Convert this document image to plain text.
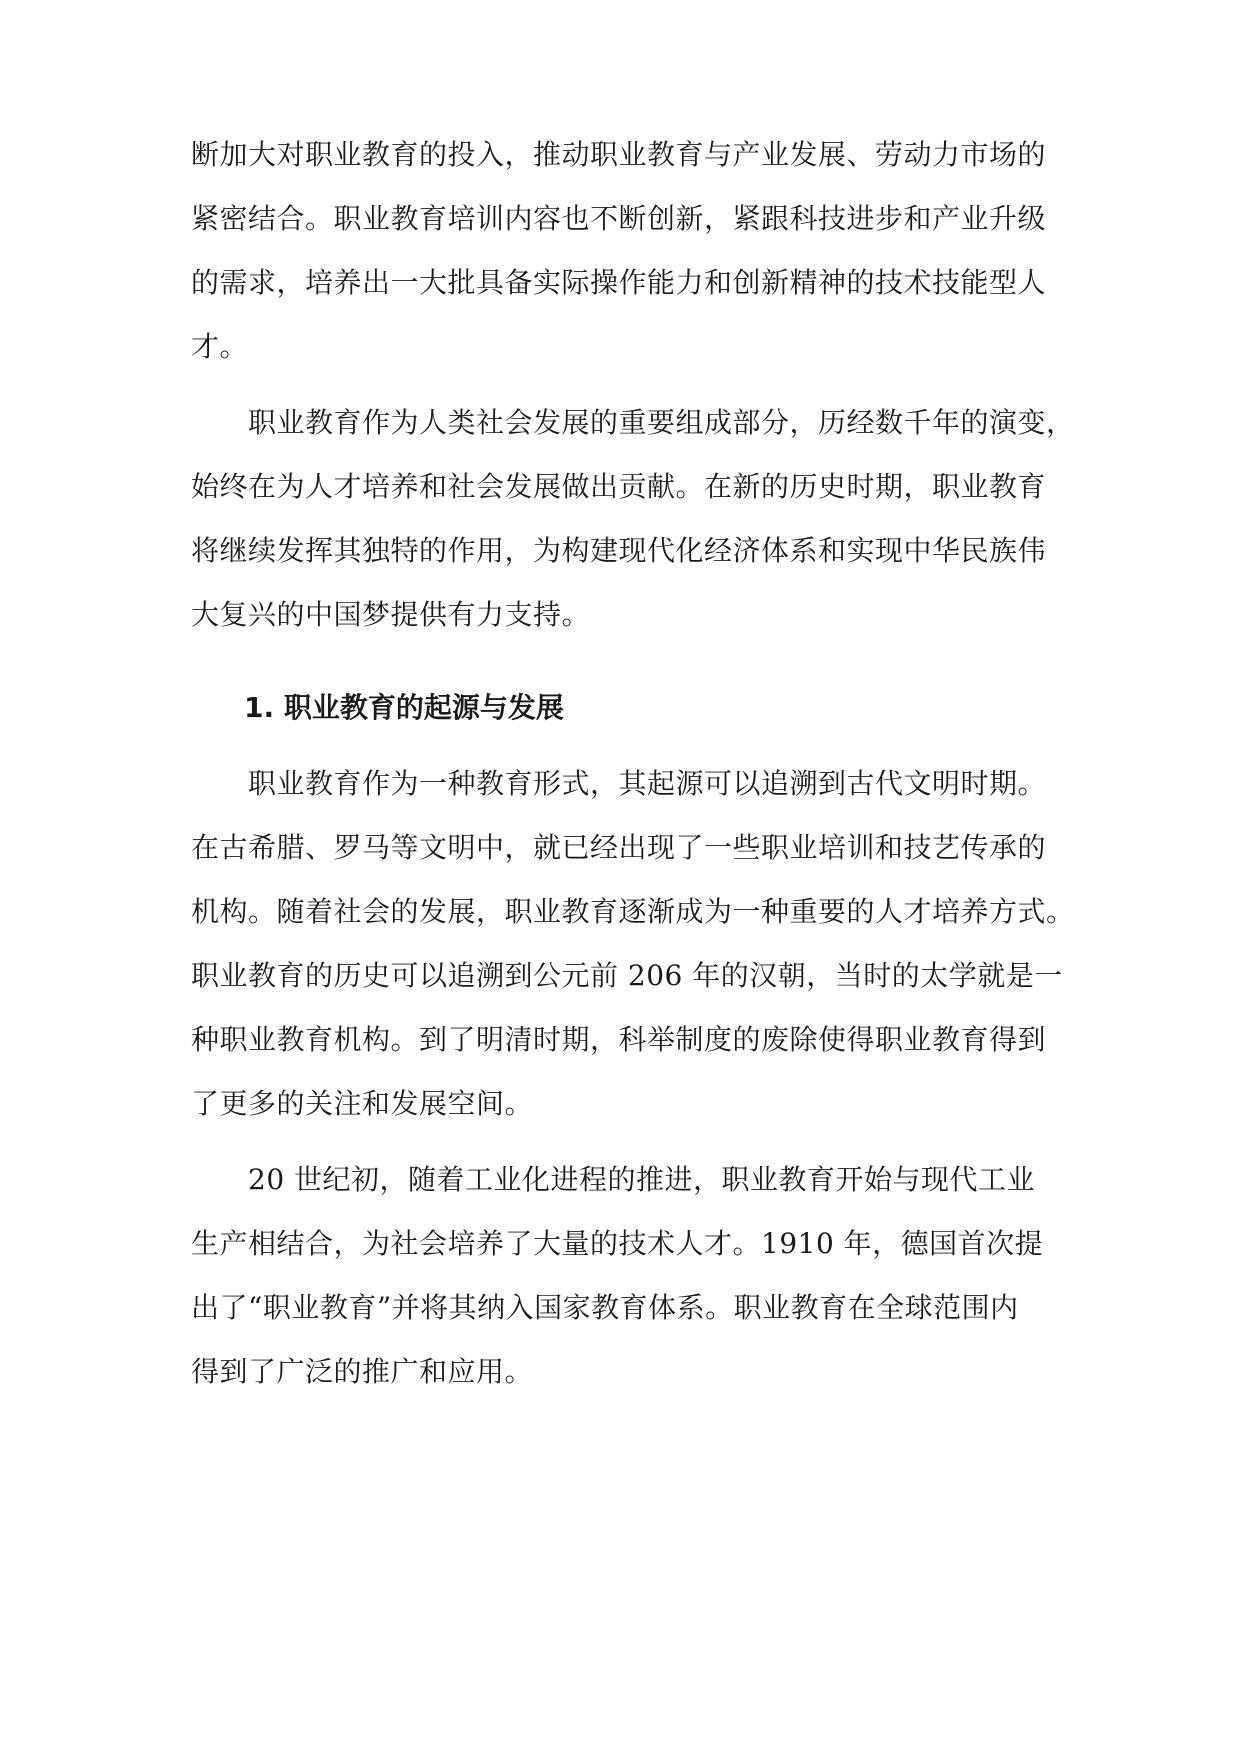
断加大对职业教育的投入，推动职业教育与产业发展、劳动力市场的
紧密结合。职业教育培训内容也不断创新，紧跟科技进步和产业升级
的需求，培养出一大批具备实际操作能力和创新精神的技术技能型人
才。
职业教育作为人类社会发展的重要组成部分，历经数千年的演变，
始终在为人才培养和社会发展做出贡献。在新的历史时期，职业教育
将继续发挥其独特的作用，为构建现代化经济体系和实现中华民族伟
大复兴的中国梦提供有力支持。
1. 职业教育的起源与发展
职业教育作为一种教育形式，其起源可以追溯到古代文明时期。
在古希腊、罗马等文明中，就已经出现了一些职业培训和技艺传承的
机构。随着社会的发展，职业教育逐渐成为一种重要的人才培养方式。
职业教育的历史可以追溯到公元前 206 年的汉朝，当时的太学就是一
种职业教育机构。到了明清时期，科举制度的废除使得职业教育得到
了更多的关注和发展空间。
20 世纪初，随着工业化进程的推进，职业教育开始与现代工业
生产相结合，为社会培养了大量的技术人才。1910 年，德国首次提
出了“职业教育”并将其纳入国家教育体系。职业教育在全球范围内
得到了广泛的推广和应用。
